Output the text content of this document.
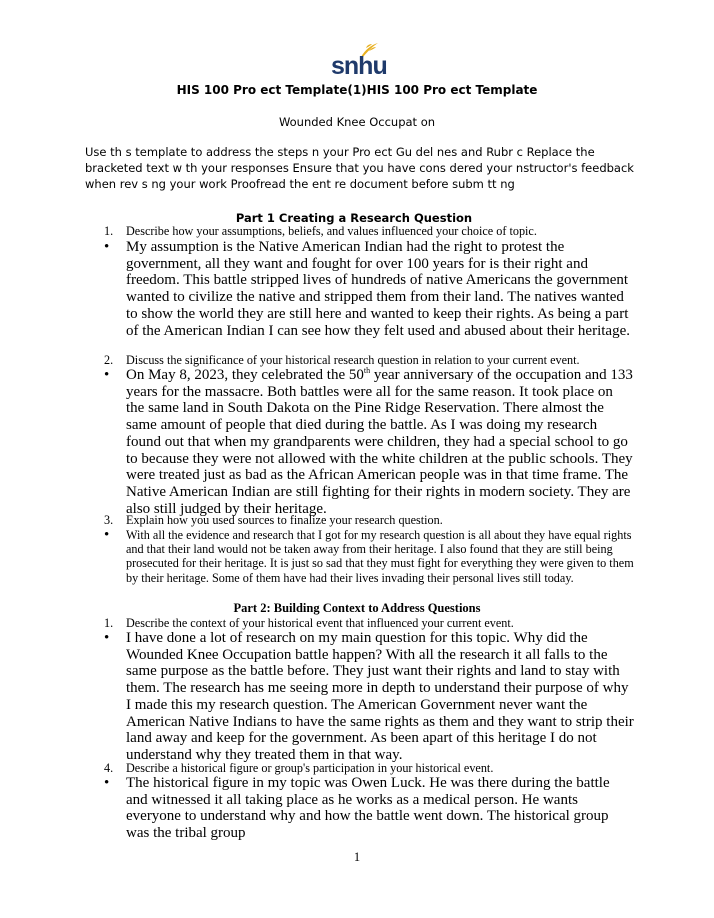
snhu
HIS 100 Pro ect Template(1)HIS 100 Pro ect Template
Wounded Knee Occupat on
Use th s template to address the steps n your Pro ect Gu del nes and Rubr c Replace the bracketed text w th your responses Ensure that you have cons dered your nstructor's feedback when rev s ng your work Proofread the ent re document before subm tt ng
Part 1 Creating a Research Question
1. Describe how your assumptions, beliefs, and values influenced your choice of topic.
•	My assumption is the Native American Indian had the right to protest the government, all they want and fought for over 100 years for is their right and freedom. This battle stripped lives of hundreds of native Americans the government wanted to civilize the native and stripped them from their land. The natives wanted to show the world they are still here and wanted to keep their rights. As being a part of the American Indian I can see how they felt used and abused about their heritage.
2. Discuss the significance of your historical research question in relation to your current event.
•	On May 8, 2023, they celebrated the 50th year anniversary of the occupation and 133 years for the massacre. Both battles were all for the same reason. It took place on the same land in South Dakota on the Pine Ridge Reservation. There almost the same amount of people that died during the battle. As I was doing my research found out that when my grandparents were children, they had a special school to go to because they were not allowed with the white children at the public schools. They were treated just as bad as the African American people was in that time frame. The Native American Indian are still fighting for their rights in modern society. They are also still judged by their heritage.
3. Explain how you used sources to finalize your research question.
•	With all the evidence and research that I got for my research question is all about they have equal rights and that their land would not be taken away from their heritage. I also found that they are still being prosecuted for their heritage. It is just so sad that they must fight for everything they were given to them by their heritage. Some of them have had their lives invading their personal lives still today.
Part 2: Building Context to Address Questions
1. Describe the context of your historical event that influenced your current event.
•	I have done a lot of research on my main question for this topic. Why did the Wounded Knee Occupation battle happen? With all the research it all falls to the same purpose as the battle before. They just want their rights and land to stay with them. The research has me seeing more in depth to understand their purpose of why I made this my research question. The American Government never want the American Native Indians to have the same rights as them and they want to strip their land away and keep for the government. As been apart of this heritage I do not understand why they treated them in that way.
4. Describe a historical figure or group's participation in your historical event.
•	The historical figure in my topic was Owen Luck. He was there during the battle and witnessed it all taking place as he works as a medical person. He wants everyone to understand why and how the battle went down. The historical group was the tribal group
1
